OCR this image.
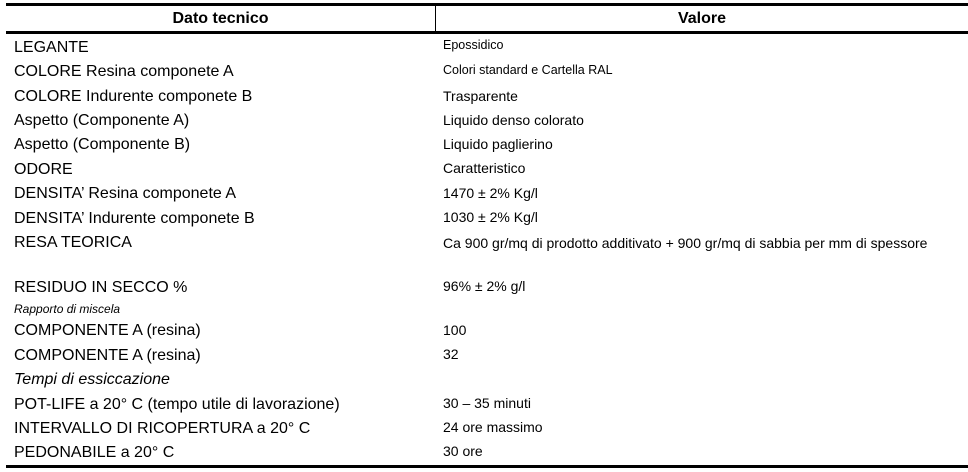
Dato tecnico	Valore
LEGANTE	Epossidico
COLORE Resina componete A	Colori standard e Cartella RAL
COLORE Indurente componete B	Trasparente
Aspetto (Componente A)	Liquido denso colorato
Aspetto (Componente B)	Liquido paglierino
ODORE	Caratteristico
DENSITA’ Resina componete A	1470 ± 2% Kg/l
DENSITA’ Indurente componete B	1030 ± 2% Kg/l
RESA TEORICA	Ca 900 gr/mq di prodotto additivato + 900 gr/mq di sabbia per mm di spessore
RESIDUO IN SECCO %	96% ± 2% g/l
Rapporto di miscela
COMPONENTE A (resina)	100
COMPONENTE A (resina)	32
Tempi di essiccazione
POT-LIFE a 20° C (tempo utile di lavorazione)	30 – 35 minuti
INTERVALLO DI RICOPERTURA a 20° C	24 ore massimo
PEDONABILE a 20° C	30 ore
